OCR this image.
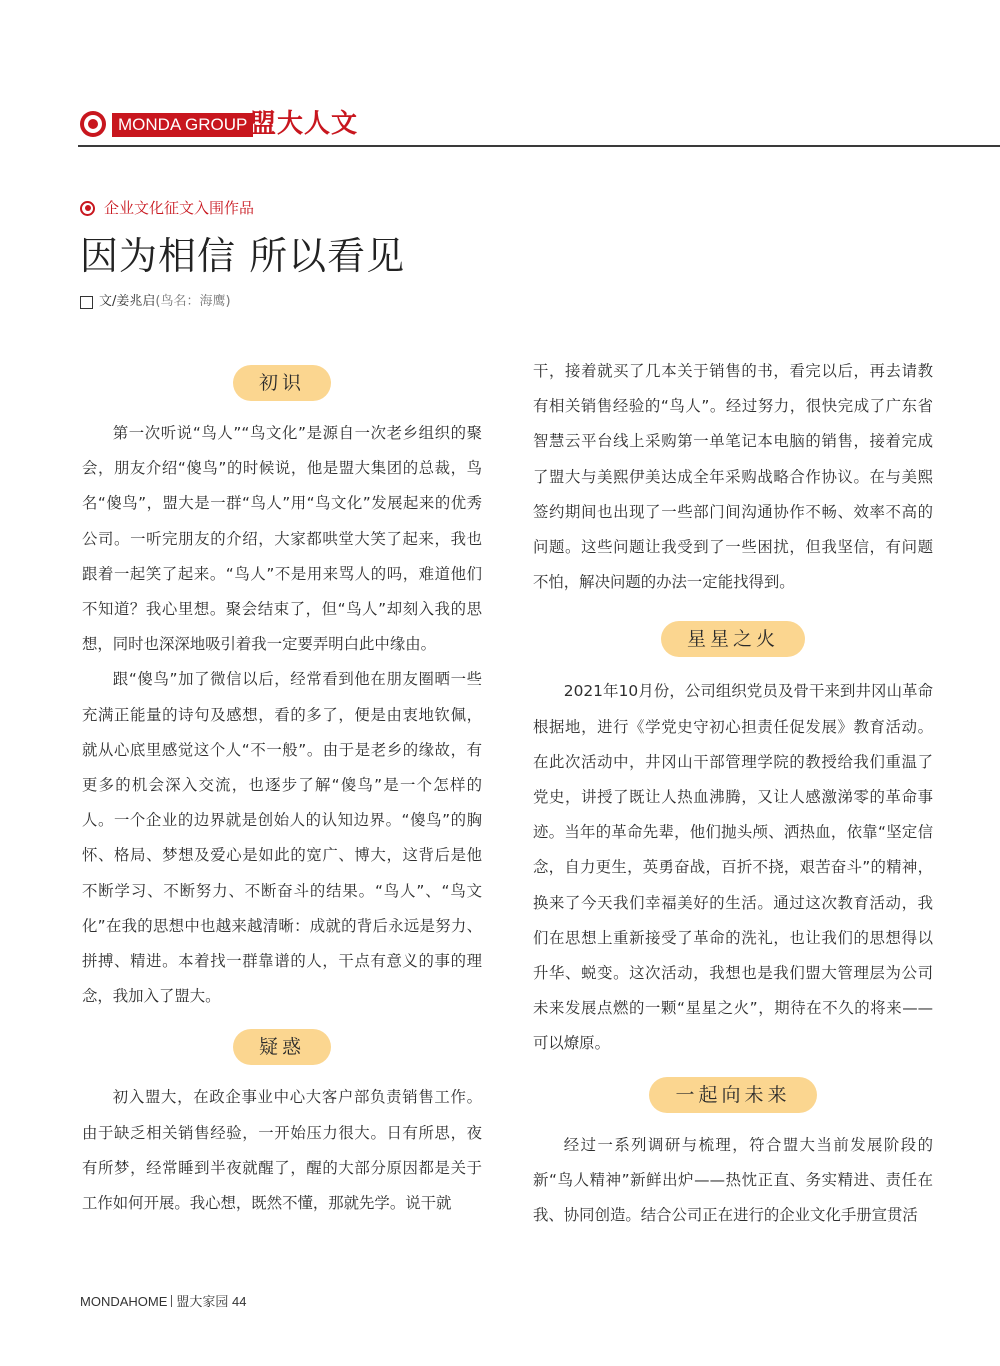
MONDA GROUP 盟大人文
企业文化征文入围作品
因为相信 所以看见
文/姜兆启 (鸟名：海鹰)
初识

第一次听说“鸟人”“鸟文化”是源自一次老乡组织的聚会，朋友介绍“傻鸟”的时候说，他是盟大集团的总裁，鸟名“傻鸟”，盟大是一群“鸟人”用“鸟文化”发展起来的优秀公司。一听完朋友的介绍，大家都哄堂大笑了起来，我也跟着一起笑了起来。“鸟人”不是用来骂人的吗，难道他们不知道？我心里想。聚会结束了，但“鸟人”却刻入我的思想，同时也深深地吸引着我一定要弄明白此中缘由。

跟“傻鸟”加了微信以后，经常看到他在朋友圈晒一些充满正能量的诗句及感想，看的多了，便是由衷地钦佩，就从心底里感觉这个人“不一般”。由于是老乡的缘故，有更多的机会深入交流，也逐步了解“傻鸟”是一个怎样的人。一个企业的边界就是创始人的认知边界。“傻鸟”的胸怀、格局、梦想及爱心是如此的宽广、博大，这背后是他不断学习、不断努力、不断奋斗的结果。“鸟人”、“鸟文化”在我的思想中也越来越清晰：成就的背后永远是努力、拼搏、精进。本着找一群靠谱的人，干点有意义的事的理念，我加入了盟大。

疑惑

初入盟大，在政企事业中心大客户部负责销售工作。由于缺乏相关销售经验，一开始压力很大。日有所思，夜有所梦，经常睡到半夜就醒了，醒的大部分原因都是关于工作如何开展。我心想，既然不懂，那就先学。说干就

干，接着就买了几本关于销售的书，看完以后，再去请教有相关销售经验的“鸟人”。经过努力，很快完成了广东省智慧云平台线上采购第一单笔记本电脑的销售，接着完成了盟大与美熙伊美达成全年采购战略合作协议。在与美熙签约期间也出现了一些部门间沟通协作不畅、效率不高的问题。这些问题让我受到了一些困扰，但我坚信，有问题不怕，解决问题的办法一定能找得到。

星星之火

2021年10月份，公司组织党员及骨干来到井冈山革命根据地，进行《学党史守初心担责任促发展》教育活动。在此次活动中，井冈山干部管理学院的教授给我们重温了党史，讲授了既让人热血沸腾，又让人感激涕零的革命事迹。当年的革命先辈，他们抛头颅、洒热血，依靠“坚定信念，自力更生，英勇奋战，百折不挠，艰苦奋斗”的精神，换来了今天我们幸福美好的生活。通过这次教育活动，我们在思想上重新接受了革命的洗礼，也让我们的思想得以升华、蜕变。这次活动，我想也是我们盟大管理层为公司未来发展点燃的一颗“星星之火”，期待在不久的将来——可以燎原。

一起向未来

经过一系列调研与梳理，符合盟大当前发展阶段的新“鸟人精神”新鲜出炉——热忱正直、务实精进、责任在我、协同创造。结合公司正在进行的企业文化手册宣贯活

MONDAHOME 盟大家园 44
